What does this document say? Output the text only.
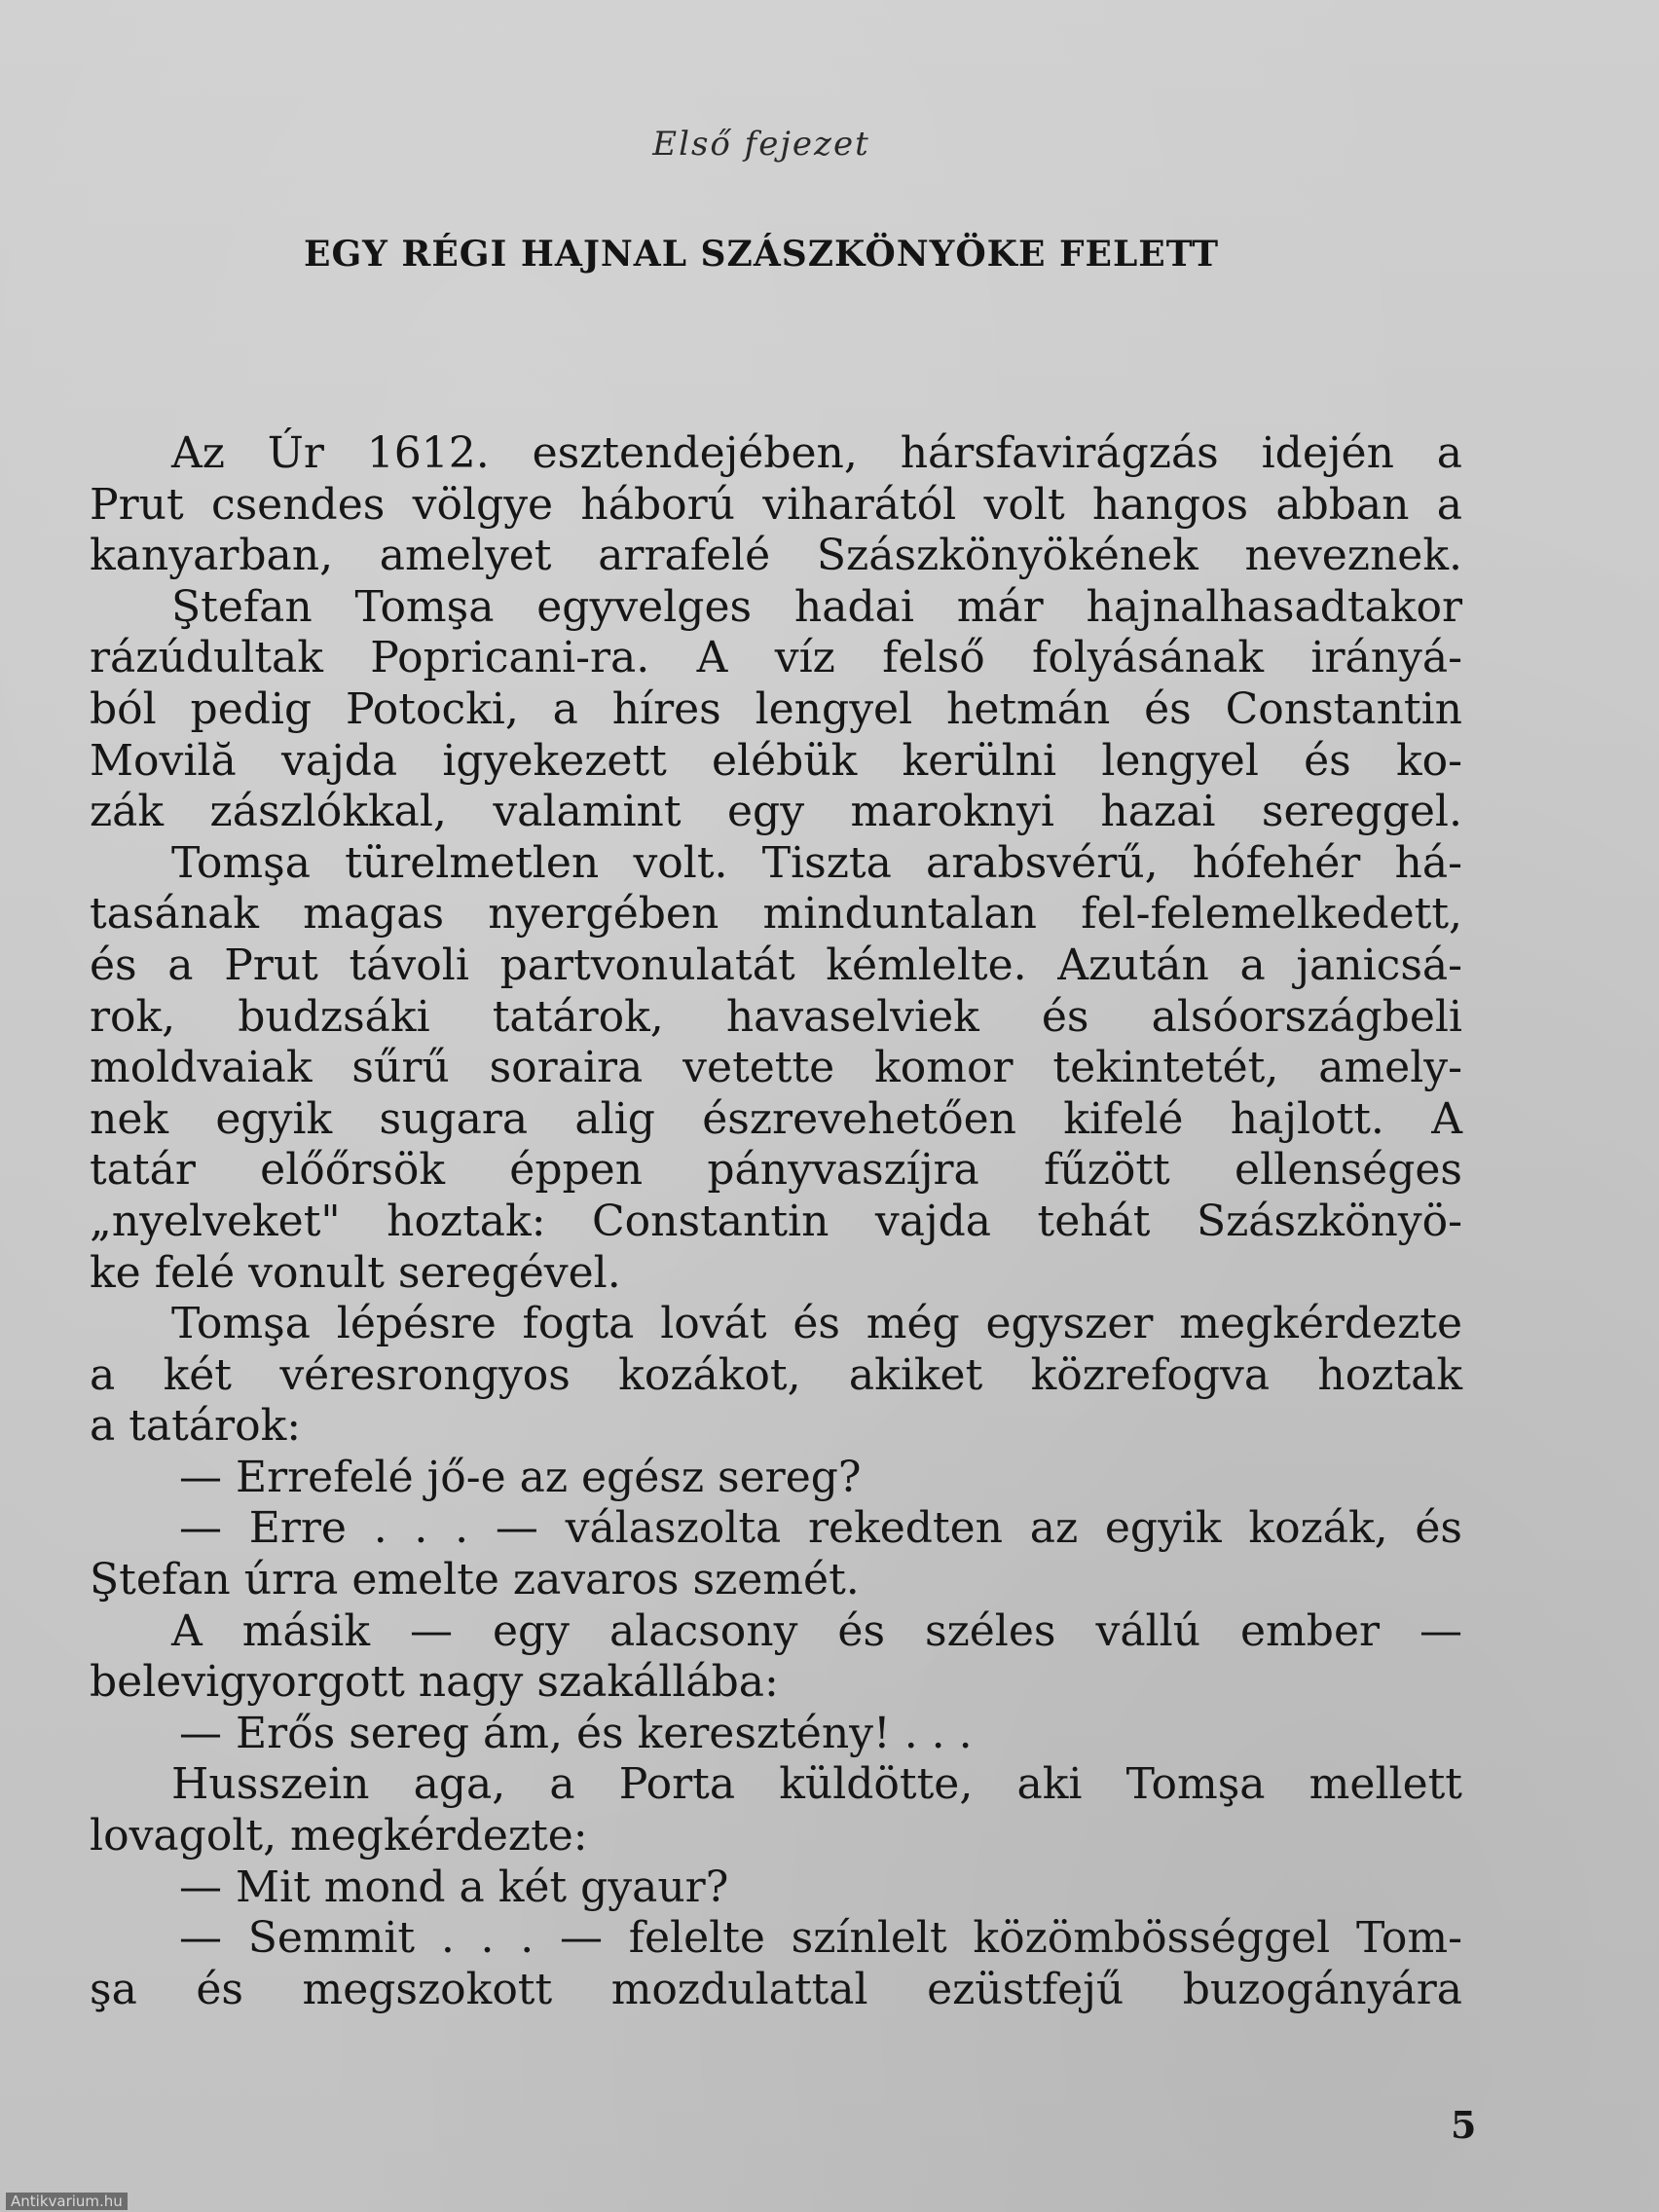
Első fejezet
EGY RÉGI HAJNAL SZÁSZKÖNYÖKE FELETT
Az Úr 1612. esztendejében, hársfavirágzás idején a
Prut csendes völgye háború viharától volt hangos abban a
kanyarban, amelyet arrafelé Szászkönyökének neveznek.
Ştefan Tomşa egyvelges hadai már hajnalhasadtakor
rázúdultak Popricani-ra. A víz felső folyásának irányá-
ból pedig Potocki, a híres lengyel hetmán és Constantin
Movilă vajda igyekezett elébük kerülni lengyel és ko-
zák zászlókkal, valamint egy maroknyi hazai sereggel.
Tomşa türelmetlen volt. Tiszta arabsvérű, hófehér há-
tasának magas nyergében minduntalan fel-felemelkedett,
és a Prut távoli partvonulatát kémlelte. Azután a janicsá-
rok, budzsáki tatárok, havaselviek és alsóországbeli
moldvaiak sűrű soraira vetette komor tekintetét, amely-
nek egyik sugara alig észrevehetően kifelé hajlott. A
tatár előőrsök éppen pányvaszíjra fűzött ellenséges
„nyelveket" hoztak: Constantin vajda tehát Szászkönyö-
ke felé vonult seregével.
Tomşa lépésre fogta lovát és még egyszer megkérdezte
a két véresrongyos kozákot, akiket közrefogva hoztak
a tatárok:
— Errefelé jő-e az egész sereg?
— Erre . . . — válaszolta rekedten az egyik kozák, és
Ştefan úrra emelte zavaros szemét.
A másik — egy alacsony és széles vállú ember —
belevigyorgott nagy szakállába:
— Erős sereg ám, és keresztény! . . .
Husszein aga, a Porta küldötte, aki Tomşa mellett
lovagolt, megkérdezte:
— Mit mond a két gyaur?
— Semmit . . . — felelte színlelt közömbösséggel Tom-
şa és megszokott mozdulattal ezüstfejű buzogányára
5
Antikvarium.hu
